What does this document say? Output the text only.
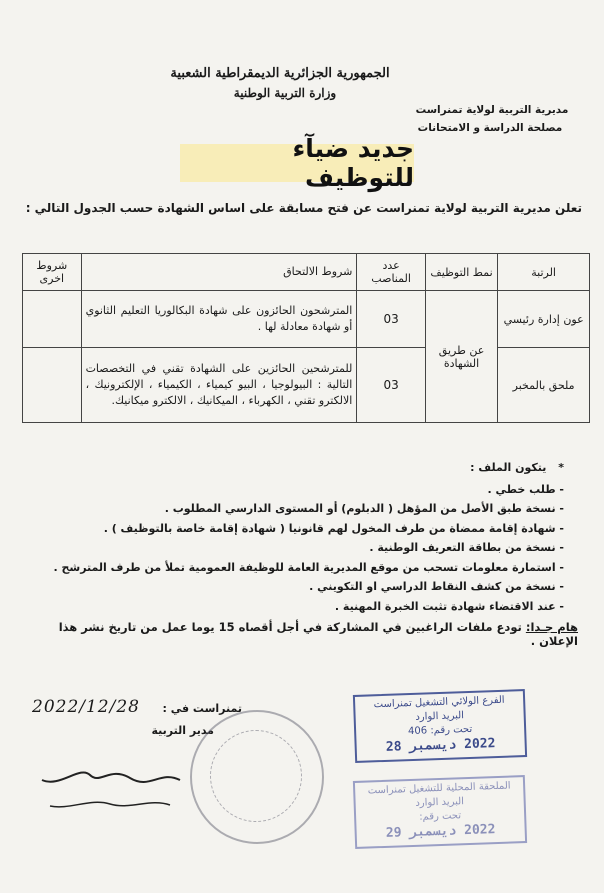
الجمهورية الجزائرية الديمقراطية الشعبية
وزارة التربية الوطنية
مديرية التربية لولاية تمنراست
مصلحة الدراسة و الامتحانات
جديد ضيآء للتوظيف
تعلن مديرية التربية لولاية تمنراست عن فتح مسابقة على اساس الشهادة حسب الجدول التالي :
الرتبة	نمط التوظيف	عدد المناصب	شروط الالتحاق	شروط اخرى
عون إدارة رئيسي	عن طريق الشهادة	03	المترشحون الحائزون على شهادة البكالوريا التعليم الثانوي أو شهادة معادلة لها .	
ملحق بالمخبر		03	للمترشحين الحائزين على الشهادة تقني في التخصصات التالية : البيولوجيا ، البيو كيمياء ، الكيمياء ، الإلكترونيك ، الالكترو تقني ، الكهرباء ، الميكانيك ، الالكترو ميكانيك.	
* يتكون الملف :
- طلب خطي .
- نسخة طبق الأصل من المؤهل ( الدبلوم) أو المستوى الدارسي المطلوب .
- شهادة إقامة ممضاة من طرف المخول لهم قانونيا ( شهادة إقامة خاصة بالتوظيف ) .
- نسخة من بطاقة التعريف الوطنية .
- استمارة معلومات تسحب من موقع المديرية العامة للوظيفة العمومية تملأ من طرف المترشح .
- نسخة من كشف النقاط الدراسي او التكويني .
- عند الاقتضاء شهادة تثبت الخبرة المهنية .
هام جـدا: تودع ملفات الراغبين في المشاركة في أجل أقصاه 15 يوما عمل من تاريخ نشر هذا الإعلان .
تمنراست في :
2022/12/28
مدير التربية
الفرع الولائي التشغيل تمنراست
البريد الوارد
تحت رقم: 406
2022 ديسمبر 28
الملحقة المحلية للتشغيل تمنراست
البريد الوارد
تحت رقم:
2022 ديسمبر 29
